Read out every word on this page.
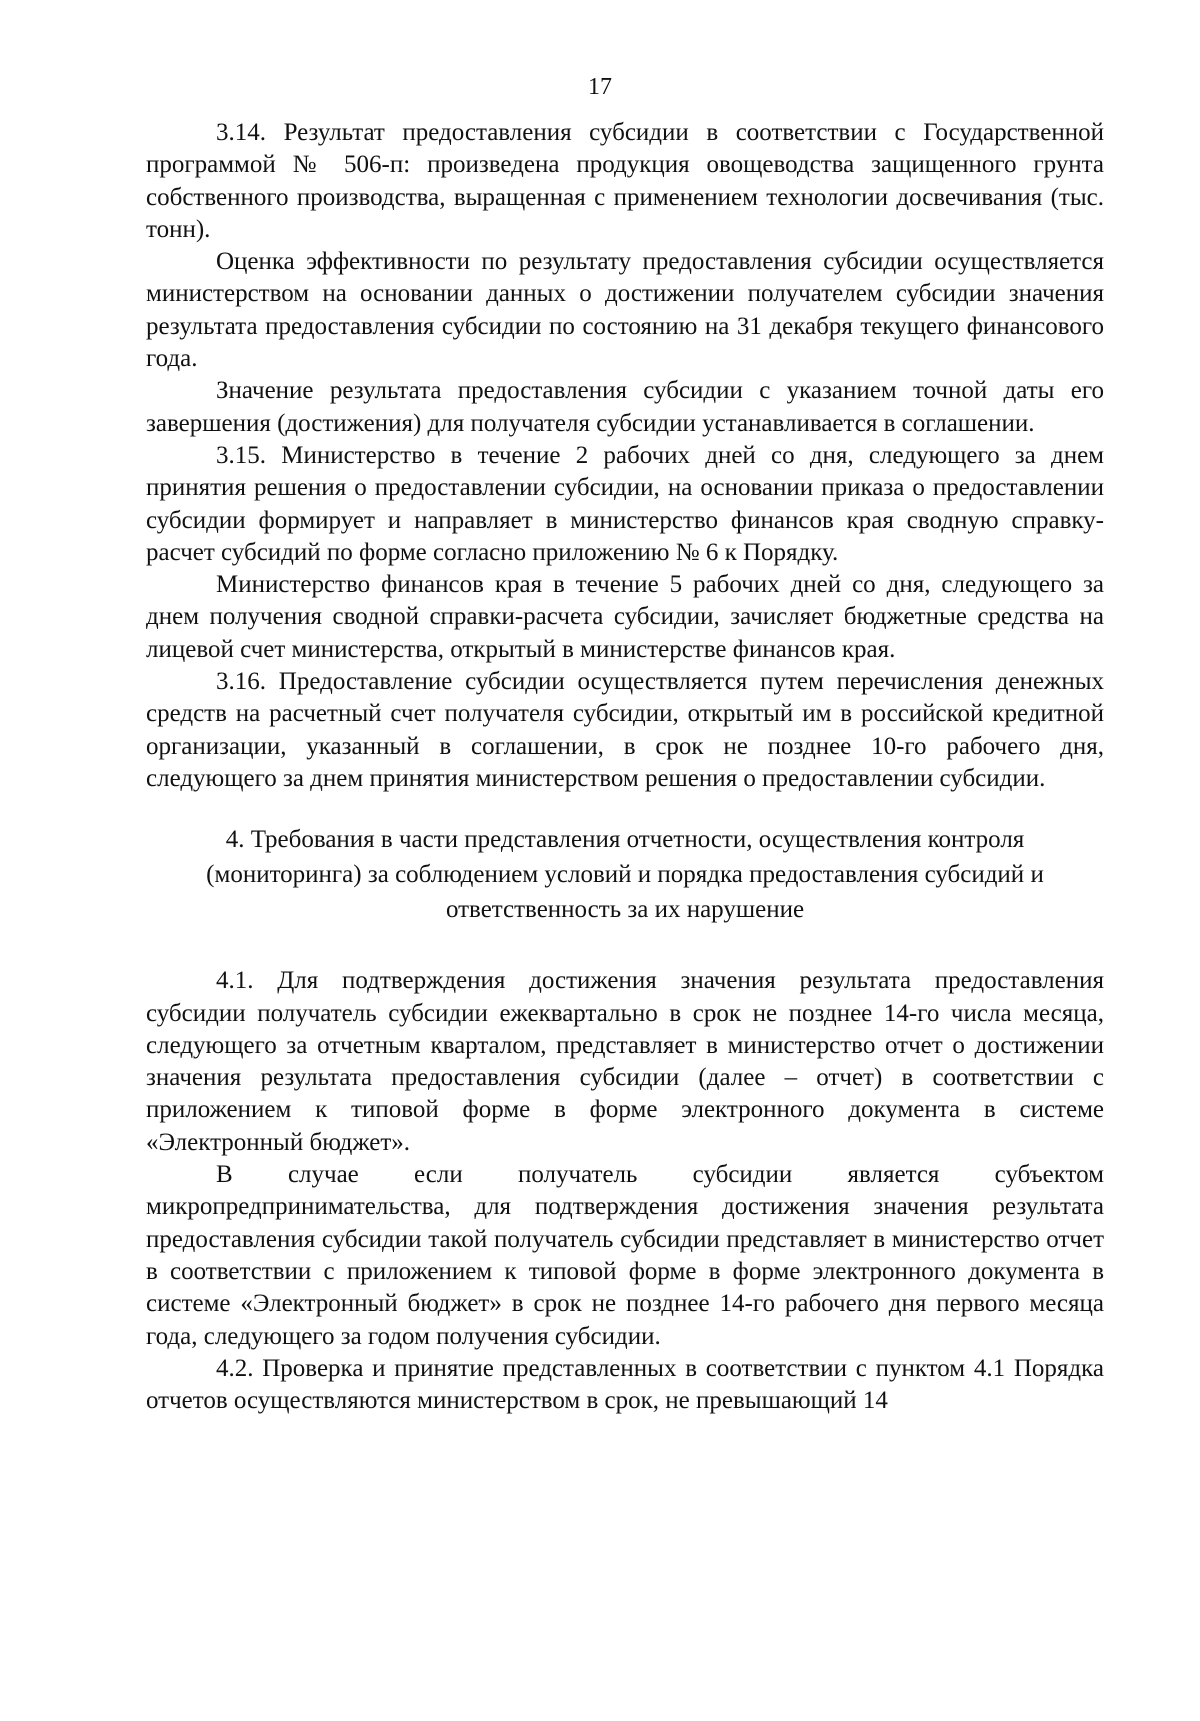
17

3.14. Результат предоставления субсидии в соответствии с Государственной программой № 506-п: произведена продукция овощеводства защищенного грунта собственного производства, выращенная с применением технологии досвечивания (тыс. тонн).

Оценка эффективности по результату предоставления субсидии осуществляется министерством на основании данных о достижении получателем субсидии значения результата предоставления субсидии по состоянию на 31 декабря текущего финансового года.

Значение результата предоставления субсидии с указанием точной даты его завершения (достижения) для получателя субсидии устанавливается в соглашении.

3.15. Министерство в течение 2 рабочих дней со дня, следующего за днем принятия решения о предоставлении субсидии, на основании приказа о предоставлении субсидии формирует и направляет в министерство финансов края сводную справку-расчет субсидий по форме согласно приложению № 6 к Порядку.

Министерство финансов края в течение 5 рабочих дней со дня, следующего за днем получения сводной справки-расчета субсидии, зачисляет бюджетные средства на лицевой счет министерства, открытый в министерстве финансов края.

3.16. Предоставление субсидии осуществляется путем перечисления денежных средств на расчетный счет получателя субсидии, открытый им в российской кредитной организации, указанный в соглашении, в срок не позднее 10-го рабочего дня, следующего за днем принятия министерством решения о предоставлении субсидии.

4. Требования в части представления отчетности, осуществления контроля
(мониторинга) за соблюдением условий и порядка предоставления субсидий и
ответственность за их нарушение

4.1. Для подтверждения достижения значения результата предоставления субсидии получатель субсидии ежеквартально в срок не позднее 14-го числа месяца, следующего за отчетным кварталом, представляет в министерство отчет о достижении значения результата предоставления субсидии (далее – отчет) в соответствии с приложением к типовой форме в форме электронного документа в системе «Электронный бюджет».

В случае если получатель субсидии является субъектом микропредпринимательства, для подтверждения достижения значения результата предоставления субсидии такой получатель субсидии представляет в министерство отчет в соответствии с приложением к типовой форме в форме электронного документа в системе «Электронный бюджет» в срок не позднее 14-го рабочего дня первого месяца года, следующего за годом получения субсидии.

4.2. Проверка и принятие представленных в соответствии с пунктом 4.1 Порядка отчетов осуществляются министерством в срок, не превышающий 14
